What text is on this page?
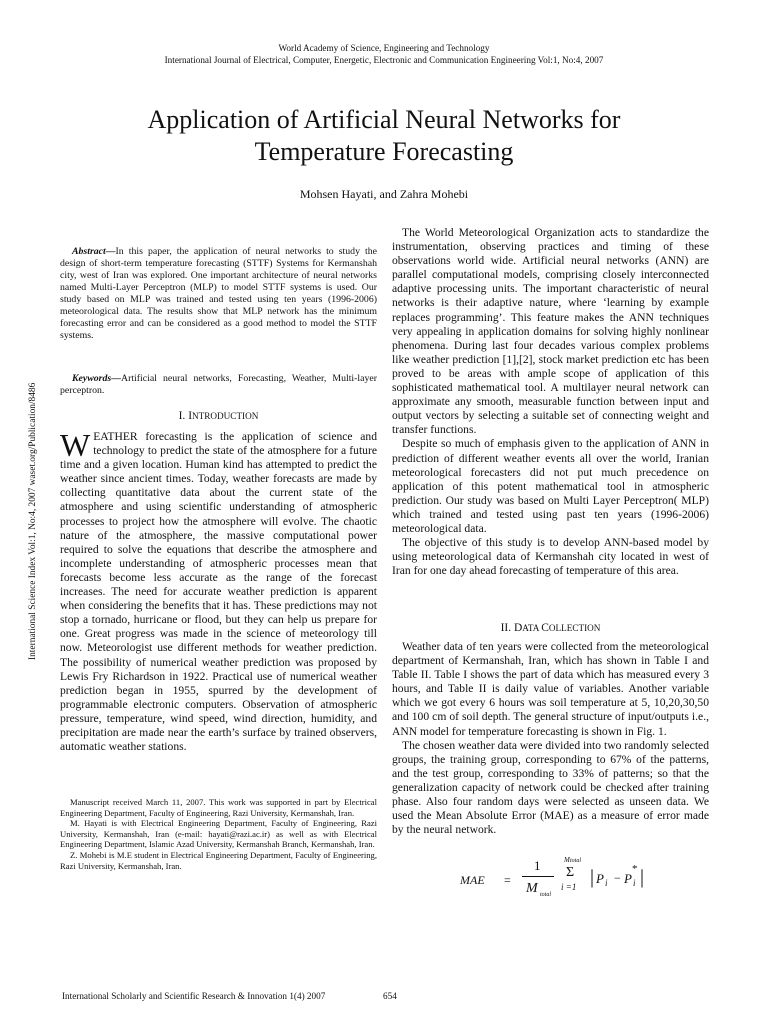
World Academy of Science, Engineering and Technology
International Journal of Electrical, Computer, Energetic, Electronic and Communication Engineering Vol:1, No:4, 2007
Application of Artificial Neural Networks for
Temperature Forecasting
Mohsen Hayati, and Zahra Mohebi
International Science Index Vol:1, No:4, 2007 waset.org/Publication/8486

Abstract—In this paper, the application of neural networks to study the design of short-term temperature forecasting (STTF) Systems for Kermanshah city, west of Iran was explored. One important architecture of neural networks named Multi-Layer Perceptron (MLP) to model STTF systems is used. Our study based on MLP was trained and tested using ten years (1996-2006) meteorological data. The results show that MLP network has the minimum forecasting error and can be considered as a good method to model the STTF systems.

Keywords—Artificial neural networks, Forecasting, Weather, Multi-layer perceptron.

I. INTRODUCTION

WEATHER forecasting is the application of science and technology to predict the state of the atmosphere for a future time and a given location. Human kind has attempted to predict the weather since ancient times. Today, weather forecasts are made by collecting quantitative data about the current state of the atmosphere and using scientific understanding of atmospheric processes to project how the atmosphere will evolve. The chaotic nature of the atmosphere, the massive computational power required to solve the equations that describe the atmosphere and incomplete understanding of atmospheric processes mean that forecasts become less accurate as the range of the forecast increases. The need for accurate weather prediction is apparent when considering the benefits that it has. These predictions may not stop a tornado, hurricane or flood, but they can help us prepare for one. Great progress was made in the science of meteorology till now. Meteorologist use different methods for weather prediction. The possibility of numerical weather prediction was proposed by Lewis Fry Richardson in 1922. Practical use of numerical weather prediction began in 1955, spurred by the development of programmable electronic computers. Observation of atmospheric pressure, temperature, wind speed, wind direction, humidity, and precipitation are made near the earth’s surface by trained observers, automatic weather stations.

Manuscript received March 11, 2007. This work was supported in part by Electrical Engineering Department, Faculty of Engineering, Razi University, Kermanshah, Iran.

M. Hayati is with Electrical Engineering Department, Faculty of Engineering, Razi University, Kermanshah, Iran (e-mail: hayati@razi.ac.ir) as well as with Electrical Engineering Department, Islamic Azad University, Kermanshah Branch, Kermanshah, Iran.

Z. Mohebi is M.E student in Electrical Engineering Department, Faculty of Engineering, Razi University, Kermanshah, Iran.

The World Meteorological Organization acts to standardize the instrumentation, observing practices and timing of these observations world wide. Artificial neural networks (ANN) are parallel computational models, comprising closely interconnected adaptive processing units. The important characteristic of neural networks is their adaptive nature, where ‘learning by example replaces programming’. This feature makes the ANN techniques very appealing in application domains for solving highly nonlinear phenomena. During last four decades various complex problems like weather prediction [1],[2], stock market prediction etc has been proved to be areas with ample scope of application of this sophisticated mathematical tool. A multilayer neural network can approximate any smooth, measurable function between input and output vectors by selecting a suitable set of connecting weight and transfer functions.

Despite so much of emphasis given to the application of ANN in prediction of different weather events all over the world, Iranian meteorological forecasters did not put much precedence on application of this potent mathematical tool in atmospheric prediction. Our study was based on Multi Layer Perceptron( MLP) which trained and tested using past ten years (1996-2006) meteorological data.

The objective of this study is to develop ANN-based model by using meteorological data of Kermanshah city located in west of Iran for one day ahead forecasting of temperature of this area.

II. DATA COLLECTION

Weather data of ten years were collected from the meteorological department of Kermanshah, Iran, which has shown in Table I and Table II. Table I shows the part of data which has measured every 3 hours, and Table II is daily value of variables. Another variable which we got every 6 hours was soil temperature at 5, 10,20,30,50 and 100 cm of soil depth. The general structure of input/outputs i.e., ANN model for temperature forecasting is shown in Fig. 1.

The chosen weather data were divided into two randomly selected groups, the training group, corresponding to 67% of the patterns, and the test group, corresponding to 33% of patterns; so that the generalization capacity of network could be checked after training phase. Also four random days were selected as unseen data. We used the Mean Absolute Error (MAE) as a measure of error made by the neural network.

MAE =
1
M total
M total
Σ
i =1 | P i − P i
* |
International Scholarly and Scientific Research & Innovation 1(4) 2007	654
